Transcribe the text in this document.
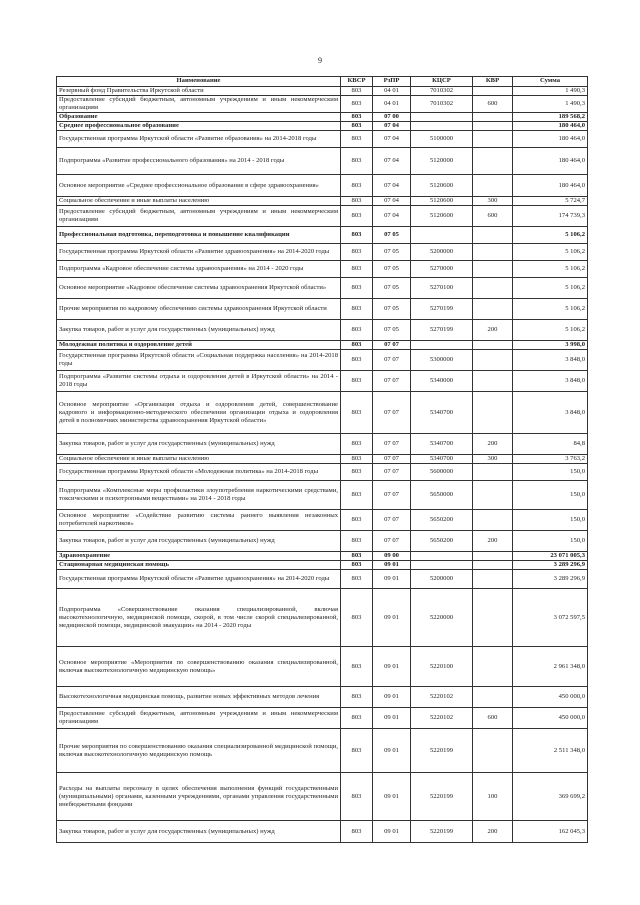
9
Наименование	КВСР	РзПР	КЦСР	КВР	Сумма
Резервный фонд Правительства Иркутской области	803	04 01	7010302		1 490,3
Предоставление субсидий бюджетным, автономным учреждениям и иным некоммерческим организациям	803	04 01	7010302	600	1 490,3
Образование	803	07 00			189 568,2
Среднее профессиональное образование	803	07 04			180 464,0
Государственная программа Иркутской области «Развитие образования» на 2014-2018 годы	803	07 04	5100000		180 464,0
Подпрограмма «Развитие профессионального образования» на 2014 - 2018 годы	803	07 04	5120000		180 464,0
Основное мероприятие «Среднее профессиональное образование в сфере здравоохранения»	803	07 04	5120600		180 464,0
Социальное обеспечение и иные выплаты населению	803	07 04	5120600	300	5 724,7
Предоставление субсидий бюджетным, автономным учреждениям и иным некоммерческим организациям	803	07 04	5120600	600	174 739,3
Профессиональная подготовка, переподготовка и повышение квалификации	803	07 05			5 106,2
Государственная программа Иркутской области «Развитие здравоохранения» на 2014-2020 годы	803	07 05	5200000		5 106,2
Подпрограмма «Кадровое обеспечение системы здравоохранения» на 2014 - 2020 годы	803	07 05	5270000		5 106,2
Основное мероприятие «Кадровое обеспечение системы здравоохранения Иркутской области»	803	07 05	5270100		5 106,2
Прочие мероприятия по кадровому обеспечению системы здравоохранения Иркутской области	803	07 05	5270199		5 106,2
Закупка товаров, работ и услуг для государственных (муниципальных) нужд	803	07 05	5270199	200	5 106,2
Молодежная политика и оздоровление детей	803	07 07			3 998,0
Государственная программа Иркутской области «Социальная поддержка населения» на 2014-2018 годы	803	07 07	5300000		3 848,0
Подпрограмма «Развитие системы отдыха и оздоровления детей в Иркутской области» на 2014 - 2018 годы	803	07 07	5340000		3 848,0
Основное мероприятие «Организация отдыха и оздоровления детей, совершенствование кадрового и информационно-методического обеспечения организации отдыха и оздоровления детей в полномочиях министерства здравоохранения Иркутской области»	803	07 07	5340700		3 848,0
Закупка товаров, работ и услуг для государственных (муниципальных) нужд	803	07 07	5340700	200	84,8
Социальное обеспечение и иные выплаты населению	803	07 07	5340700	300	3 763,2
Государственная программа Иркутской области «Молодежная политика» на 2014-2018 годы	803	07 07	5600000		150,0
Подпрограмма «Комплексные меры профилактики злоупотребления наркотическими средствами, токсическими и психотропными веществами» на 2014 - 2018 годы	803	07 07	5650000		150,0
Основное мероприятие «Содействие развитию системы раннего выявления незаконных потребителей наркотиков»	803	07 07	5650200		150,0
Закупка товаров, работ и услуг для государственных (муниципальных) нужд	803	07 07	5650200	200	150,0
Здравоохранение	803	09 00			23 071 005,3
Стационарная медицинская помощь	803	09 01			3 289 296,9
Государственная программа Иркутской области «Развитие здравоохранения» на 2014-2020 годы	803	09 01	5200000		3 289 296,9
Подпрограмма «Совершенствование оказания специализированной, включая высокотехнологичную, медицинской помощи, скорой, в том числе скорой специализированной, медицинской помощи, медицинской эвакуации» на 2014 - 2020 годы	803	09 01	5220000		3 072 597,5
Основное мероприятие «Мероприятия по совершенствованию оказания специализированной, включая высокотехнологичную медицинскую помощь»	803	09 01	5220100		2 961 348,0
Высокотехнологичная медицинская помощь, развитие новых эффективных методов лечения	803	09 01	5220102		450 000,0
Предоставление субсидий бюджетным, автономным учреждениям и иным некоммерческим организациям	803	09 01	5220102	600	450 000,0
Прочие мероприятия по совершенствованию оказания специализированной медицинской помощи, включая высокотехнологичную медицинскую помощь	803	09 01	5220199		2 511 348,0
Расходы на выплаты персоналу в целях обеспечения выполнения функций государственными (муниципальными) органами, казенными учреждениями, органами управления государственными внебюджетными фондами	803	09 01	5220199	100	369 699,2
Закупка товаров, работ и услуг для государственных (муниципальных) нужд	803	09 01	5220199	200	162 045,3
